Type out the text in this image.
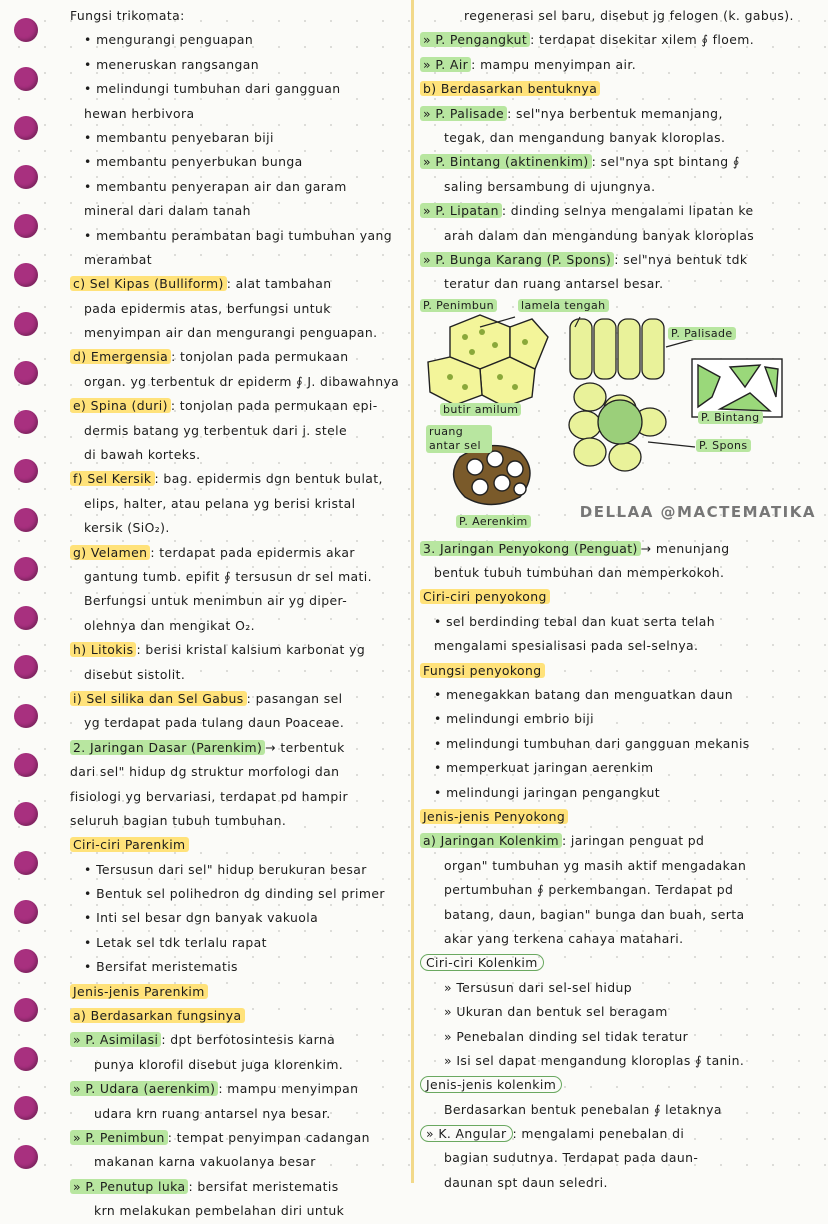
Fungsi trikomata:
• mengurangi penguapan
• meneruskan rangsangan
• melindungi tumbuhan dari gangguan
hewan herbivora
• membantu penyebaran biji
• membantu penyerbukan bunga
• membantu penyerapan air dan garam
mineral dari dalam tanah
• membantu perambatan bagi tumbuhan yang
merambat
c) Sel Kipas (Bulliform) : alat tambahan
pada epidermis atas, berfungsi untuk
menyimpan air dan mengurangi penguapan.
d) Emergensia : tonjolan pada permukaan
organ. yg terbentuk dr epiderm ∮ J. dibawahnya
e) Spina (duri) : tonjolan pada permukaan epi-
dermis batang yg terbentuk dari j. stele
di bawah korteks.
f) Sel Kersik : bag. epidermis dgn bentuk bulat,
elips, halter, atau pelana yg berisi kristal
kersik (SiO₂).
g) Velamen : terdapat pada epidermis akar
gantung tumb. epifit ∮ tersusun dr sel mati.
Berfungsi untuk menimbun air yg diper-
olehnya dan mengikat O₂.
h) Litokis : berisi kristal kalsium karbonat yg
disebut sistolit.
i) Sel silika dan Sel Gabus : pasangan sel
yg terdapat pada tulang daun Poaceae.
2. Jaringan Dasar (Parenkim) → terbentuk
dari sel" hidup dg struktur morfologi dan
fisiologi yg bervariasi, terdapat pd hampir
seluruh bagian tubuh tumbuhan.
Ciri-ciri Parenkim
• Tersusun dari sel" hidup berukuran besar
• Bentuk sel polihedron dg dinding sel primer
• Inti sel besar dgn banyak vakuola
• Letak sel tdk terlalu rapat
• Bersifat meristematis
Jenis-jenis Parenkim
a) Berdasarkan fungsinya
» P. Asimilasi : dpt berfotosintesis karna
punya klorofil disebut juga klorenkim.
» P. Udara (aerenkim) : mampu menyimpan
udara krn ruang antarsel nya besar.
» P. Penimbun : tempat penyimpan cadangan
makanan karna vakuolanya besar
» P. Penutup luka : bersifat meristematis
krn melakukan pembelahan diri untuk
regenerasi sel baru, disebut jg felogen (k. gabus).
» P. Pengangkut : terdapat disekitar xilem ∮ floem.
» P. Air : mampu menyimpan air.
b) Berdasarkan bentuknya
» P. Palisade : sel"nya berbentuk memanjang,
tegak, dan mengandung banyak kloroplas.
» P. Bintang (aktinenkim) : sel"nya spt bintang ∮
saling bersambung di ujungnya.
» P. Lipatan : dinding selnya mengalami lipatan ke
arah dalam dan mengandung banyak kloroplas
» P. Bunga Karang (P. Spons) : sel"nya bentuk tdk
teratur dan ruang antarsel besar.
P. Penimbun lamela tengah
P. Palisade
butir amilum
ruang antar sel
P. Bintang
P. Spons
P. Aerenkim
DELLAA @MACTEMATIKA
3. Jaringan Penyokong (Penguat) → menunjang
bentuk tubuh tumbuhan dan memperkokoh.
Ciri-ciri penyokong
• sel berdinding tebal dan kuat serta telah
mengalami spesialisasi pada sel-selnya.
Fungsi penyokong
• menegakkan batang dan menguatkan daun
• melindungi embrio biji
• melindungi tumbuhan dari gangguan mekanis
• memperkuat jaringan aerenkim
• melindungi jaringan pengangkut
Jenis-jenis Penyokong
a) Jaringan Kolenkim : jaringan penguat pd
organ" tumbuhan yg masih aktif mengadakan
pertumbuhan ∮ perkembangan. Terdapat pd
batang, daun, bagian" bunga dan buah, serta
akar yang terkena cahaya matahari.
Ciri-ciri Kolenkim
» Tersusun dari sel-sel hidup
» Ukuran dan bentuk sel beragam
» Penebalan dinding sel tidak teratur
» Isi sel dapat mengandung kloroplas ∮ tanin.
Jenis-jenis kolenkim
Berdasarkan bentuk penebalan ∮ letaknya
» K. Angular : mengalami penebalan di
bagian sudutnya. Terdapat pada daun-
daunan spt daun seledri.
